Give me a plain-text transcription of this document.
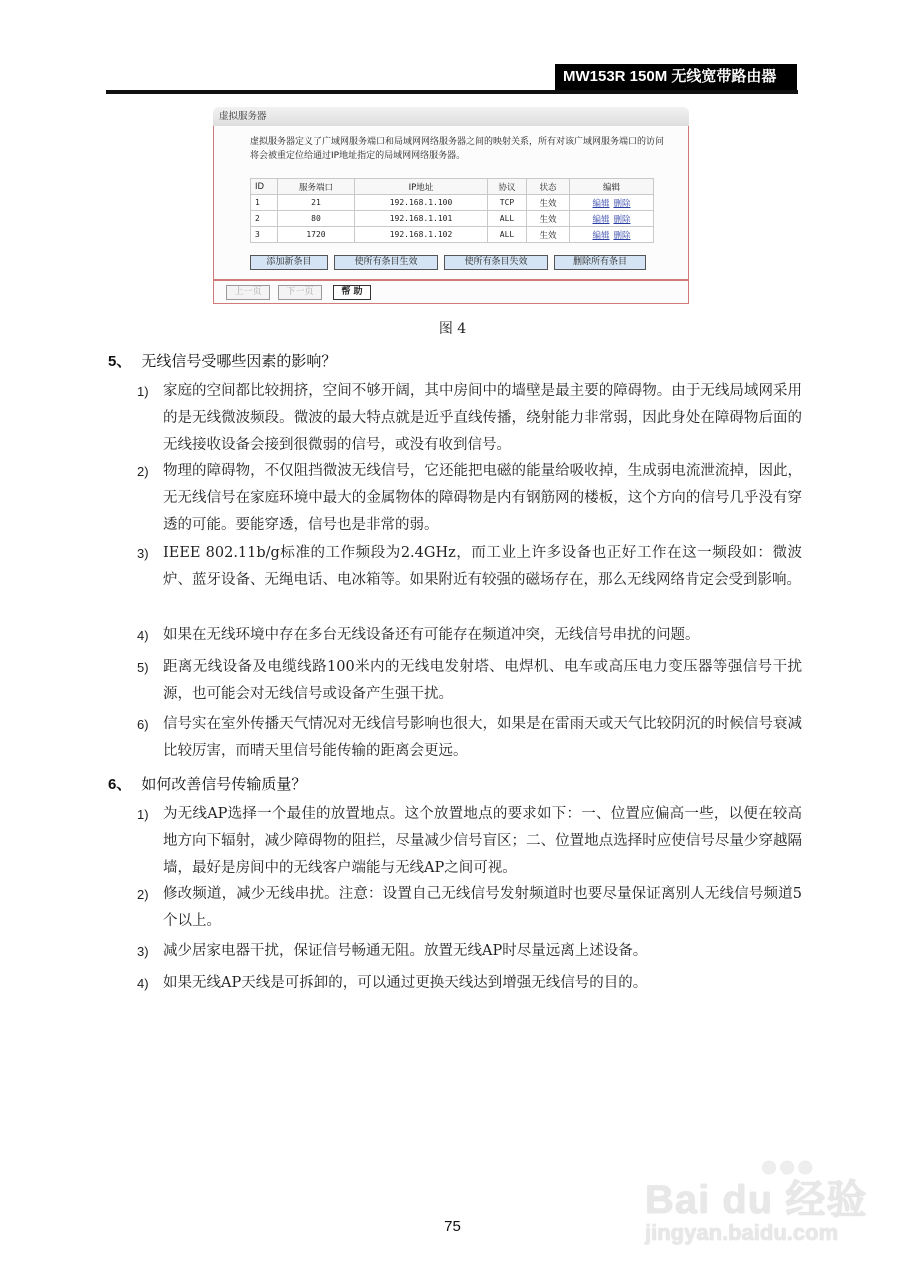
MW153R 150M 无线宽带路由器
虚拟服务器
虚拟服务器定义了广域网服务端口和局域网网络服务器之间的映射关系，所有对该广域网服务端口的访问将会被重定位给通过IP地址指定的局域网网络服务器。
ID	服务端口	IP地址	协议	状态	编辑
1	21	192.168.1.100	TCP	生效	编辑 删除
2	80	192.168.1.101	ALL	生效	编辑 删除
3	1720	192.168.1.102	ALL	生效	编辑 删除
添加新条目	使所有条目生效	使所有条目失效	删除所有条目
上一页	下一页	帮 助
图 4
5、 无线信号受哪些因素的影响？
1) 家庭的空间都比较拥挤，空间不够开阔，其中房间中的墙壁是最主要的障碍物。由于无线局域网采用的是无线微波频段。微波的最大特点就是近乎直线传播，绕射能力非常弱，因此身处在障碍物后面的无线接收设备会接到很微弱的信号，或没有收到信号。
2) 物理的障碍物，不仅阻挡微波无线信号，它还能把电磁的能量给吸收掉，生成弱电流泄流掉，因此，无无线信号在家庭环境中最大的金属物体的障碍物是内有钢筋网的楼板，这个方向的信号几乎没有穿透的可能。要能穿透，信号也是非常的弱。
3) IEEE 802.11b/g标准的工作频段为2.4GHz，而工业上许多设备也正好工作在这一频段如：微波炉、蓝牙设备、无绳电话、电冰箱等。如果附近有较强的磁场存在，那么无线网络肯定会受到影响。
4) 如果在无线环境中存在多台无线设备还有可能存在频道冲突，无线信号串扰的问题。
5) 距离无线设备及电缆线路100米内的无线电发射塔、电焊机、电车或高压电力变压器等强信号干扰源，也可能会对无线信号或设备产生强干扰。
6) 信号实在室外传播天气情况对无线信号影响也很大，如果是在雷雨天或天气比较阴沉的时候信号衰减比较厉害，而晴天里信号能传输的距离会更远。
6、 如何改善信号传输质量？
1) 为无线AP选择一个最佳的放置地点。这个放置地点的要求如下：一、位置应偏高一些，以便在较高地方向下辐射，减少障碍物的阻拦，尽量减少信号盲区；二、位置地点选择时应使信号尽量少穿越隔墙，最好是房间中的无线客户端能与无线AP之间可视。
2) 修改频道，减少无线串扰。注意：设置自己无线信号发射频道时也要尽量保证离别人无线信号频道5个以上。
3) 减少居家电器干扰，保证信号畅通无阻。放置无线AP时尽量远离上述设备。
4) 如果无线AP天线是可拆卸的，可以通过更换天线达到增强无线信号的目的。
●●●
Bai du 经验
jingyan.baidu.com
75
